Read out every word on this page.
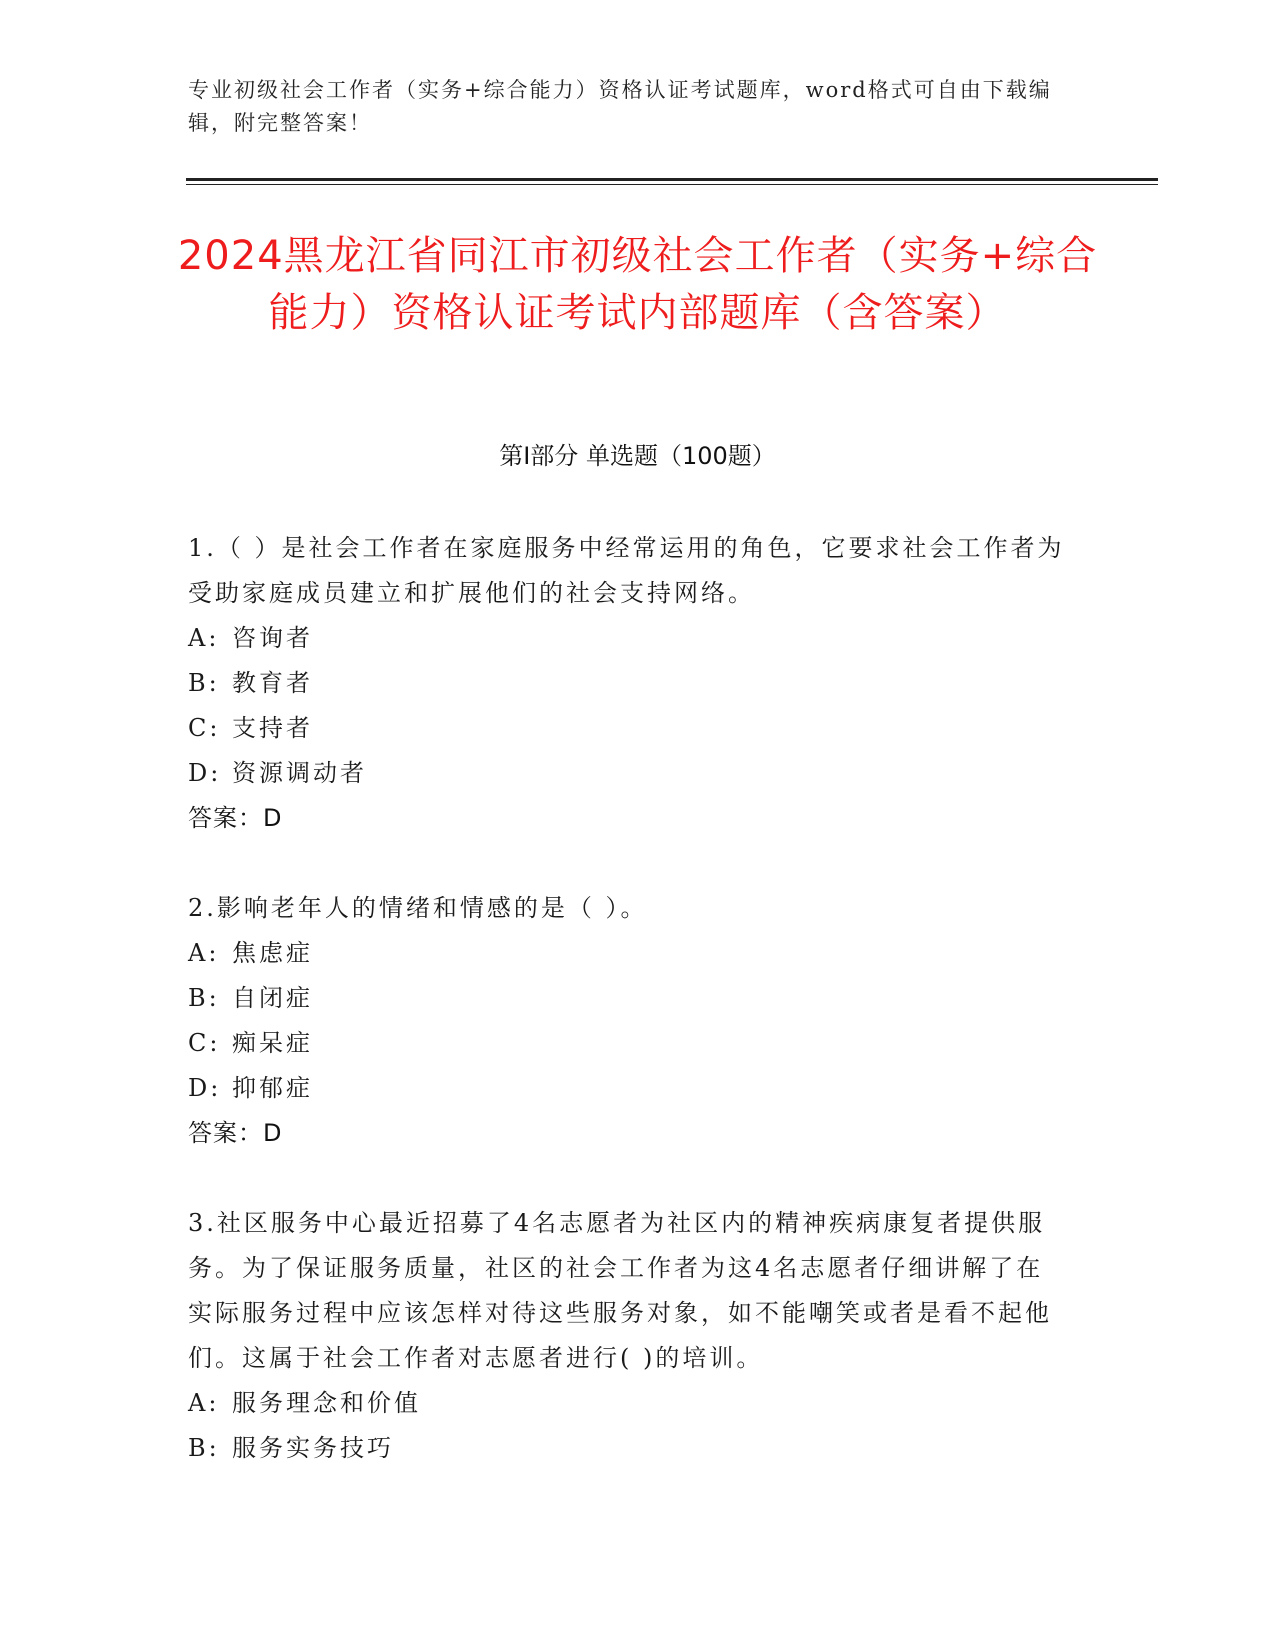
专业初级社会工作者（实务+综合能力）资格认证考试题库，word格式可自由下载编辑，附完整答案！
2024黑龙江省同江市初级社会工作者（实务+综合能力）资格认证考试内部题库（含答案）
第Ⅰ部分 单选题（100题）

1.（ ）是社会工作者在家庭服务中经常运用的角色，它要求社会工作者为受助家庭成员建立和扩展他们的社会支持网络。

A: 咨询者
B: 教育者
C: 支持者
D: 资源调动者
答案：D

2.影响老年人的情绪和情感的是（ ）。

A: 焦虑症
B: 自闭症
C: 痴呆症
D: 抑郁症
答案：D

3.社区服务中心最近招募了4名志愿者为社区内的精神疾病康复者提供服务。为了保证服务质量，社区的社会工作者为这4名志愿者仔细讲解了在实际服务过程中应该怎样对待这些服务对象，如不能嘲笑或者是看不起他们。这属于社会工作者对志愿者进行( )的培训。

A: 服务理念和价值
B: 服务实务技巧
